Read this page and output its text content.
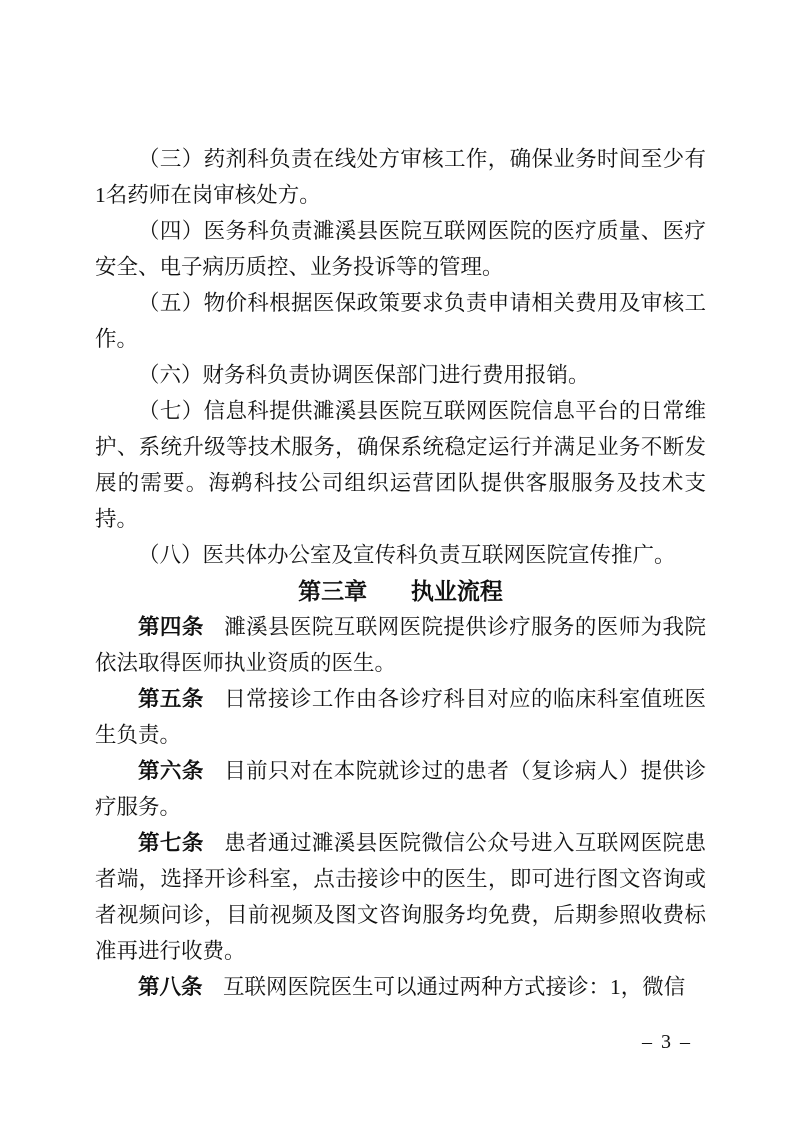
（三）药剂科负责在线处方审核工作，确保业务时间至少有1名药师在岗审核处方。

（四）医务科负责濉溪县医院互联网医院的医疗质量、医疗安全、电子病历质控、业务投诉等的管理。

（五）物价科根据医保政策要求负责申请相关费用及审核工作。

（六）财务科负责协调医保部门进行费用报销。

（七）信息科提供濉溪县医院互联网医院信息平台的日常维护、系统升级等技术服务，确保系统稳定运行并满足业务不断发展的需要。海鹈科技公司组织运营团队提供客服服务及技术支持。

（八）医共体办公室及宣传科负责互联网医院宣传推广。

第三章 执业流程

第四条 濉溪县医院互联网医院提供诊疗服务的医师为我院依法取得医师执业资质的医生。

第五条 日常接诊工作由各诊疗科目对应的临床科室值班医生负责。

第六条 目前只对在本院就诊过的患者（复诊病人）提供诊疗服务。

第七条 患者通过濉溪县医院微信公众号进入互联网医院患者端，选择开诊科室，点击接诊中的医生，即可进行图文咨询或者视频问诊，目前视频及图文咨询服务均免费，后期参照收费标准再进行收费。

第八条 互联网医院医生可以通过两种方式接诊：1，微信

– 3 –
